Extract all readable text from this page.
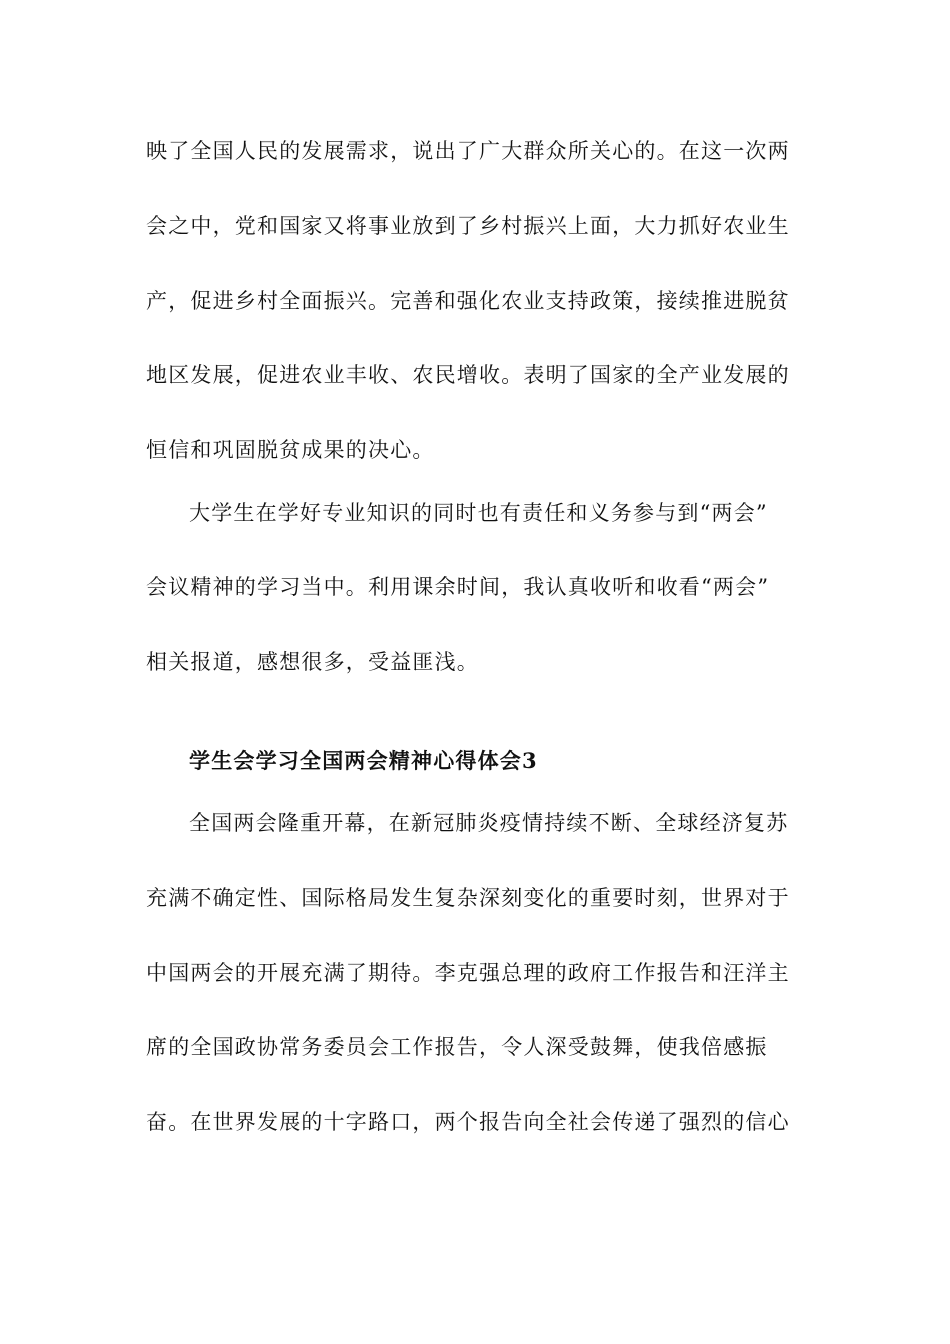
映了全国人民的发展需求，说出了广大群众所关心的。在这一次两
会之中，党和国家又将事业放到了乡村振兴上面，大力抓好农业生
产，促进乡村全面振兴。完善和强化农业支持政策，接续推进脱贫
地区发展，促进农业丰收、农民增收。表明了国家的全产业发展的
恒信和巩固脱贫成果的决心。
大学生在学好专业知识的同时也有责任和义务参与到“两会”
会议精神的学习当中。利用课余时间，我认真收听和收看“两会”
相关报道，感想很多，受益匪浅。
学生会学习全国两会精神心得体会3
全国两会隆重开幕，在新冠肺炎疫情持续不断、全球经济复苏
充满不确定性、国际格局发生复杂深刻变化的重要时刻，世界对于
中国两会的开展充满了期待。李克强总理的政府工作报告和汪洋主
席的全国政协常务委员会工作报告，令人深受鼓舞，使我倍感振
奋。在世界发展的十字路口，两个报告向全社会传递了强烈的信心
